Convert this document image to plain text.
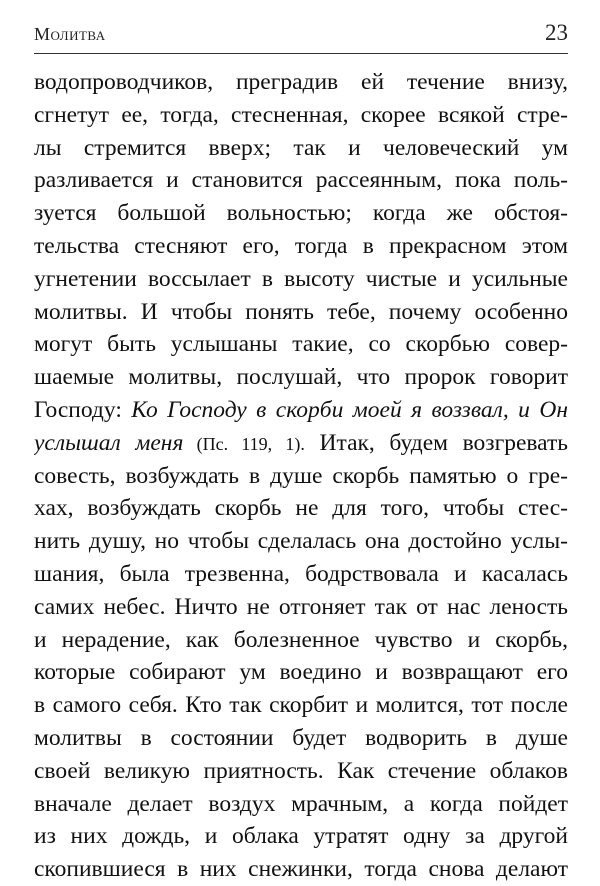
Молитва	23
водопроводчиков, преградив ей течение внизу,
сгнетут ее, тогда, стесненная, скорее всякой стре-
лы стремится вверх; так и человеческий ум
разливается и становится рассеянным, пока поль-
зуется большой вольностью; когда же обстоя-
тельства стесняют его, тогда в прекрасном этом
угнетении воссылает в высоту чистые и усильные
молитвы. И чтобы понять тебе, почему особенно
могут быть услышаны такие, со скорбью совер-
шаемые молитвы, послушай, что пророк говорит
Господу: Ко Господу в скорби моей я воззвал, и Он
услышал меня (Пс. 119, 1). Итак, будем возгревать
совесть, возбуждать в душе скорбь памятью о гре-
хах, возбуждать скорбь не для того, чтобы стес-
нить душу, но чтобы сделалась она достойно услы-
шания, была трезвенна, бодрствовала и касалась
самих небес. Ничто не отгоняет так от нас леность
и нерадение, как болезненное чувство и скорбь,
которые собирают ум воедино и возвращают его
в самого себя. Кто так скорбит и молится, тот после
молитвы в состоянии будет водворить в душе
своей великую приятность. Как стечение облаков
вначале делает воздух мрачным, а когда пойдет
из них дождь, и облака утратят одну за другой
скопившиеся в них снежинки, тогда снова делают
